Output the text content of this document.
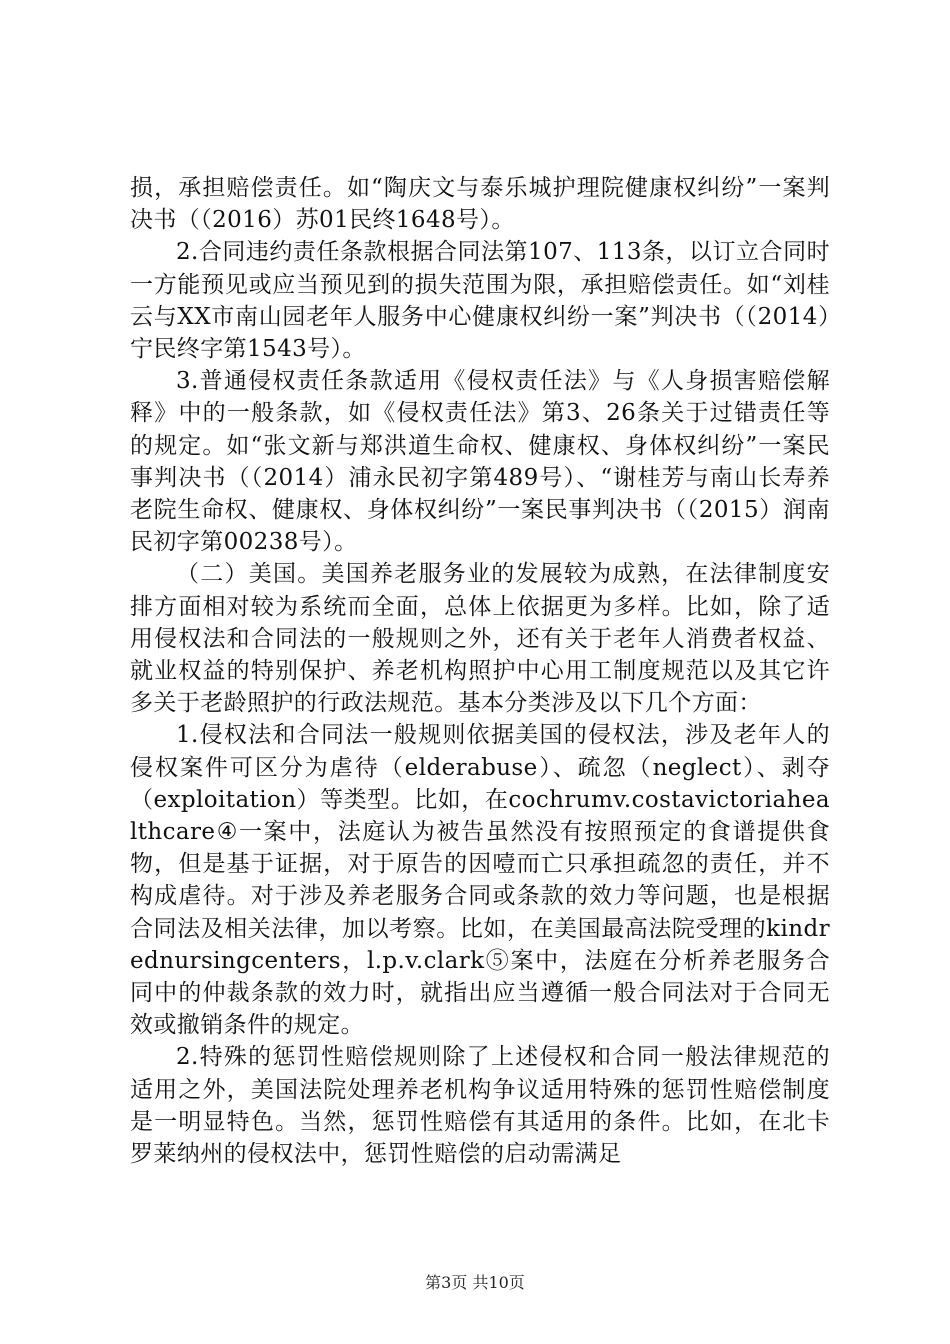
损，承担赔偿责任。如“陶庆文与泰乐城护理院健康权纠纷”一案判决书（（2016）苏01民终1648号）。

2.合同违约责任条款根据合同法第107、113条，以订立合同时一方能预见或应当预见到的损失范围为限，承担赔偿责任。如“刘桂云与XX市南山园老年人服务中心健康权纠纷一案”判决书（（2014）宁民终字第1543号）。

3.普通侵权责任条款适用《侵权责任法》与《人身损害赔偿解释》中的一般条款，如《侵权责任法》第3、26条关于过错责任等的规定。如“张文新与郑洪道生命权、健康权、身体权纠纷”一案民事判决书（（2014）浦永民初字第489号）、“谢桂芳与南山长寿养老院生命权、健康权、身体权纠纷”一案民事判决书（（2015）润南民初字第00238号）。

（二）美国。美国养老服务业的发展较为成熟，在法律制度安排方面相对较为系统而全面，总体上依据更为多样。比如，除了适用侵权法和合同法的一般规则之外，还有关于老年人消费者权益、就业权益的特别保护、养老机构照护中心用工制度规范以及其它许多关于老龄照护的行政法规范。基本分类涉及以下几个方面：

1.侵权法和合同法一般规则依据美国的侵权法，涉及老年人的侵权案件可区分为虐待（elderabuse）、疏忽（neglect）、剥夺（exploitation）等类型。比如，在cochrumv.costavictoriahealthcare④一案中，法庭认为被告虽然没有按照预定的食谱提供食物，但是基于证据，对于原告的因噎而亡只承担疏忽的责任，并不构成虐待。对于涉及养老服务合同或条款的效力等问题，也是根据合同法及相关法律，加以考察。比如，在美国最高法院受理的kindrednursingcenters，l.p.v.clark⑤案中，法庭在分析养老服务合同中的仲裁条款的效力时，就指出应当遵循一般合同法对于合同无效或撤销条件的规定。

2.特殊的惩罚性赔偿规则除了上述侵权和合同一般法律规范的适用之外，美国法院处理养老机构争议适用特殊的惩罚性赔偿制度是一明显特色。当然，惩罚性赔偿有其适用的条件。比如，在北卡罗莱纳州的侵权法中，惩罚性赔偿的启动需满足

第3页 共10页
